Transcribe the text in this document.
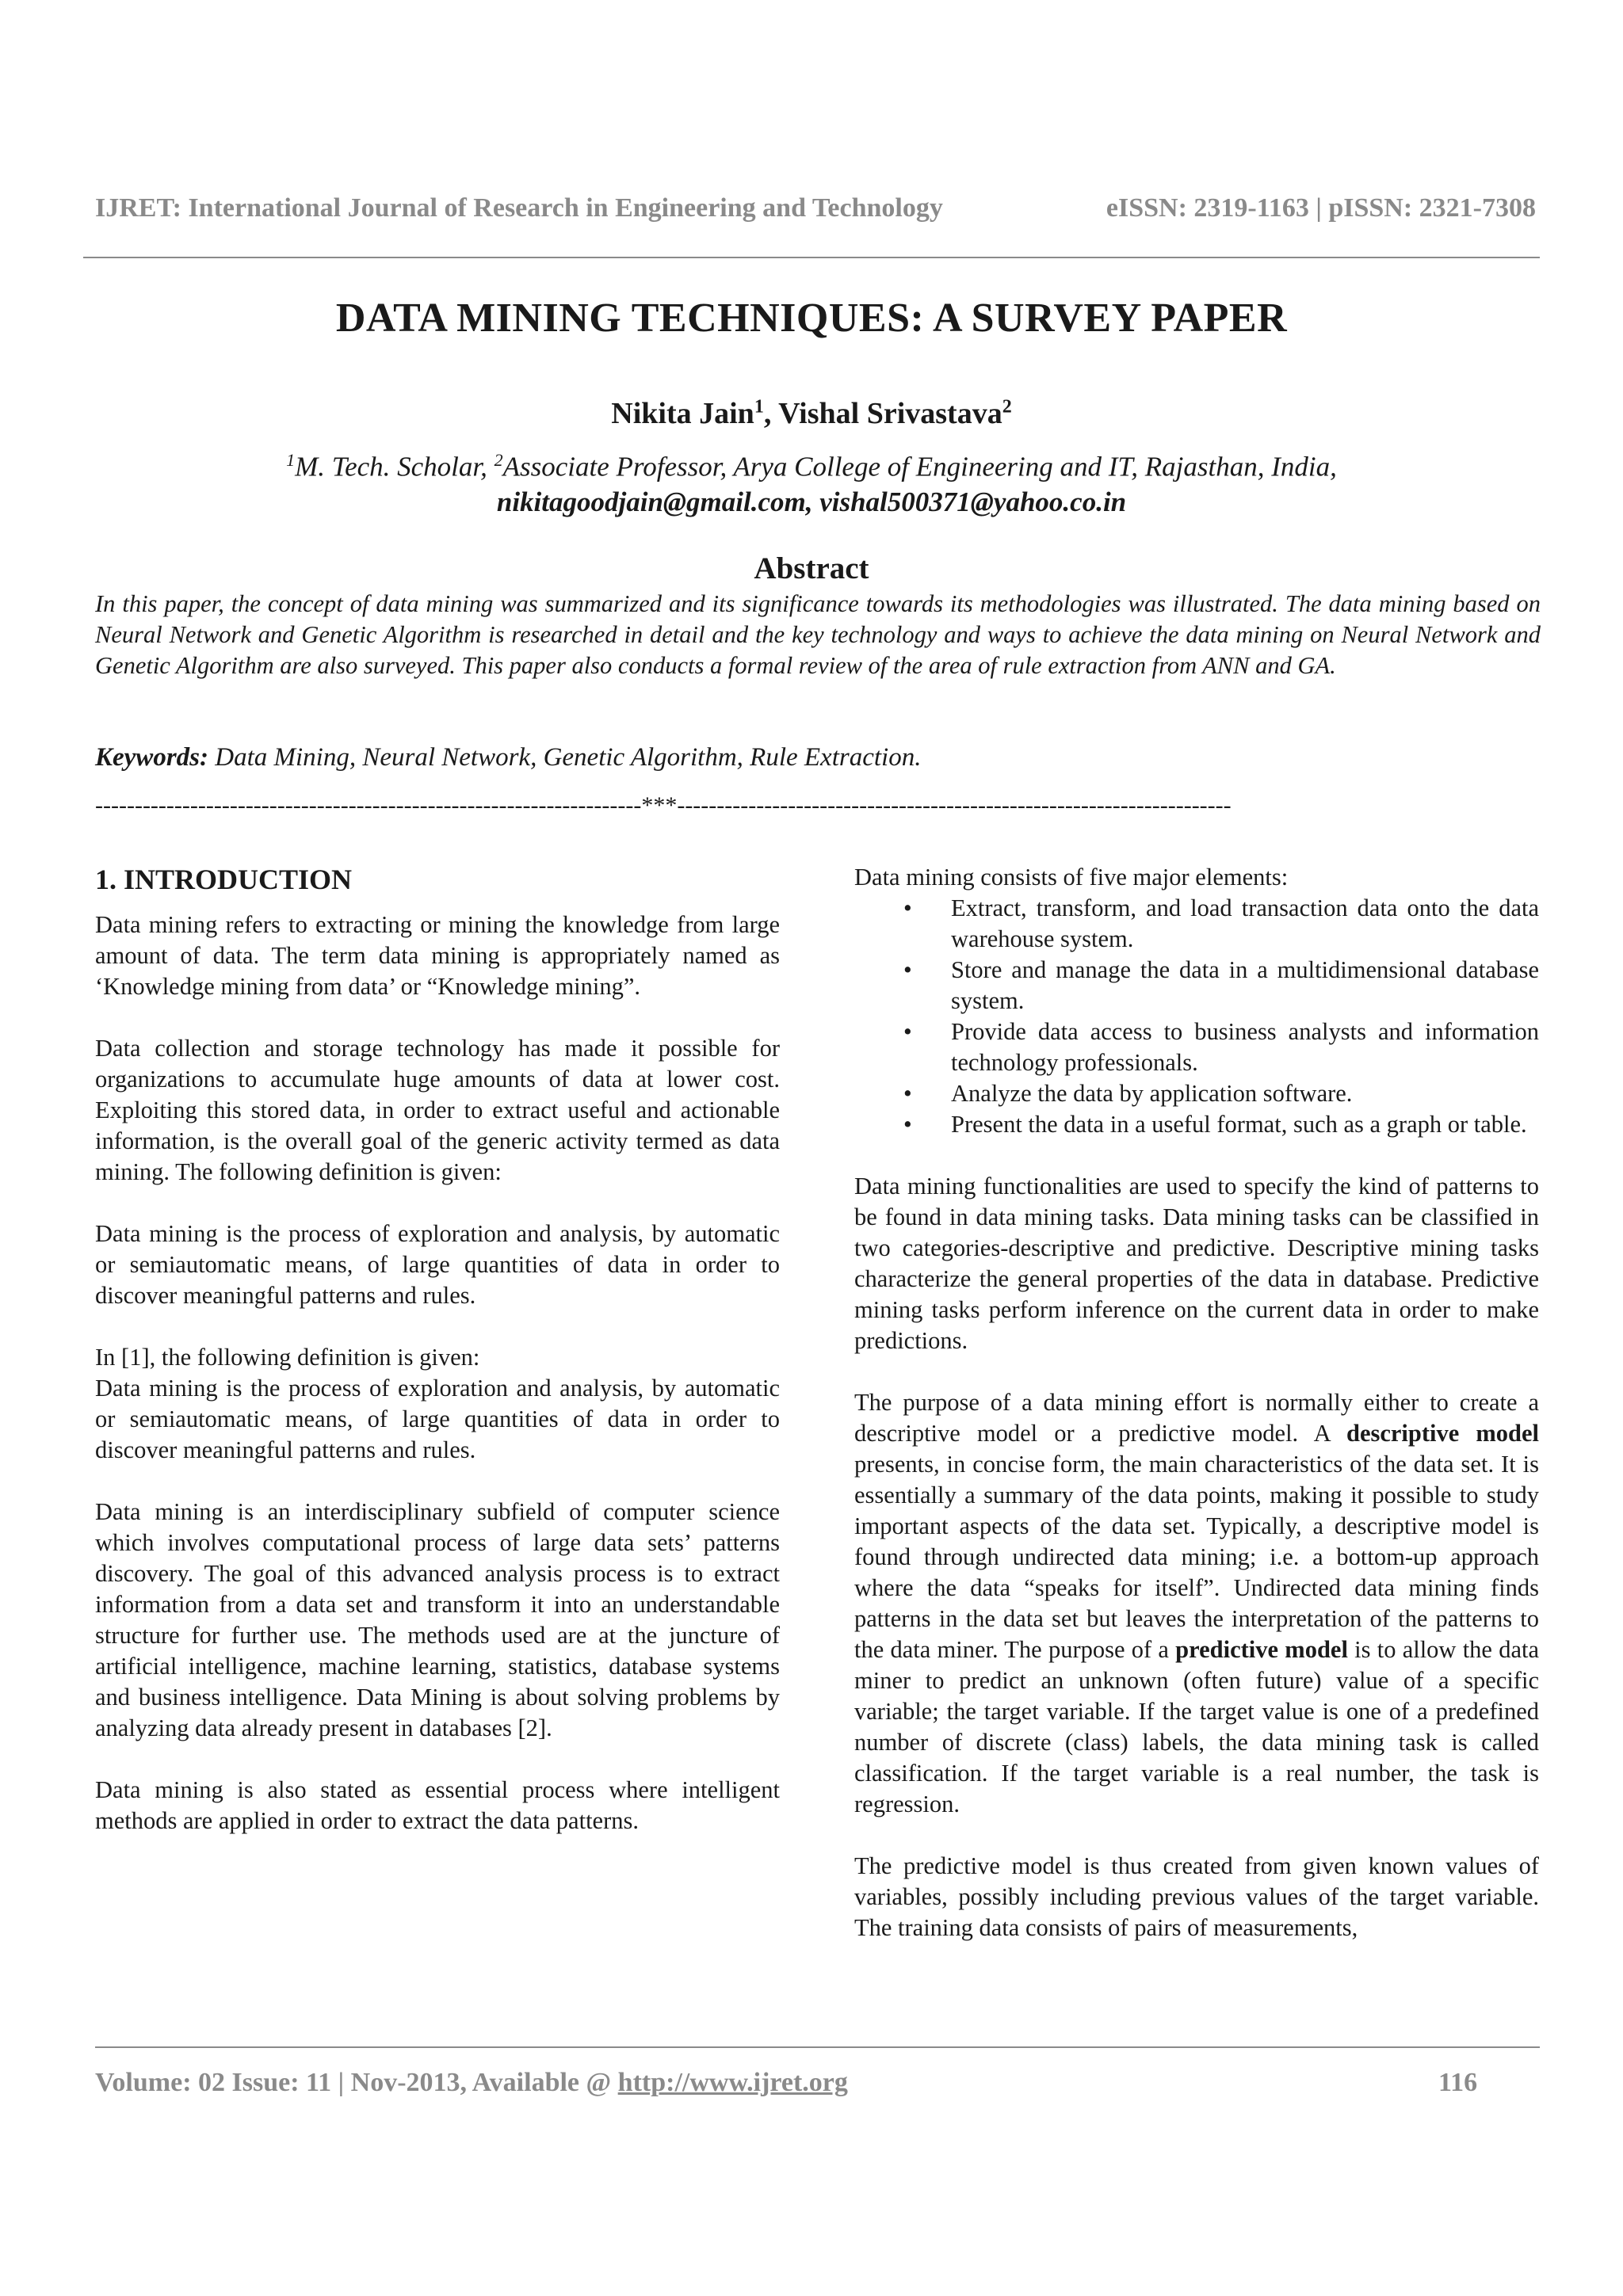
IJRET: International Journal of Research in Engineering and Technology	eISSN: 2319-1163 | pISSN: 2321-7308
DATA MINING TECHNIQUES: A SURVEY PAPER
Nikita Jain$^1$, Vishal Srivastava$^2$
$^1$M. Tech. Scholar, $^2$Associate Professor, Arya College of Engineering and IT, Rajasthan, India,
nikitagoodjain@gmail.com, vishal500371@yahoo.co.in
Abstract
In this paper, the concept of data mining was summarized and its significance towards its methodologies was illustrated. The data mining based on Neural Network and Genetic Algorithm is researched in detail and the key technology and ways to achieve the data mining on Neural Network and Genetic Algorithm are also surveyed. This paper also conducts a formal review of the area of rule extraction from ANN and GA.
Keywords: Data Mining, Neural Network, Genetic Algorithm, Rule Extraction.
---------------------------------------------------------------------***----------------------------------------------------------------------
1. INTRODUCTION

Data mining refers to extracting or mining the knowledge from large amount of data. The term data mining is appropriately named as ‘Knowledge mining from data’ or “Knowledge mining”.

Data collection and storage technology has made it possible for organizations to accumulate huge amounts of data at lower cost. Exploiting this stored data, in order to extract useful and actionable information, is the overall goal of the generic activity termed as data mining. The following definition is given:

Data mining is the process of exploration and analysis, by automatic or semiautomatic means, of large quantities of data in order to discover meaningful patterns and rules.

In [1], the following definition is given:

Data mining is the process of exploration and analysis, by automatic or semiautomatic means, of large quantities of data in order to discover meaningful patterns and rules.

Data mining is an interdisciplinary subfield of computer science which involves computational process of large data sets’ patterns discovery. The goal of this advanced analysis process is to extract information from a data set and transform it into an understandable structure for further use. The methods used are at the juncture of artificial intelligence, machine learning, statistics, database systems and business intelligence. Data Mining is about solving problems by analyzing data already present in databases [2].

Data mining is also stated as essential process where intelligent methods are applied in order to extract the data patterns.

Data mining consists of five major elements:

• Extract, transform, and load transaction data onto the data warehouse system.
• Store and manage the data in a multidimensional database system.
• Provide data access to business analysts and information technology professionals.
• Analyze the data by application software.
• Present the data in a useful format, such as a graph or table.

Data mining functionalities are used to specify the kind of patterns to be found in data mining tasks. Data mining tasks can be classified in two categories-descriptive and predictive. Descriptive mining tasks characterize the general properties of the data in database. Predictive mining tasks perform inference on the current data in order to make predictions.

The purpose of a data mining effort is normally either to create a descriptive model or a predictive model. A descriptive model presents, in concise form, the main characteristics of the data set. It is essentially a summary of the data points, making it possible to study important aspects of the data set. Typically, a descriptive model is found through undirected data mining; i.e. a bottom-up approach where the data “speaks for itself”. Undirected data mining finds patterns in the data set but leaves the interpretation of the patterns to the data miner. The purpose of a predictive model is to allow the data miner to predict an unknown (often future) value of a specific variable; the target variable. If the target value is one of a predefined number of discrete (class) labels, the data mining task is called classification. If the target variable is a real number, the task is regression.

The predictive model is thus created from given known values of variables, possibly including previous values of the target variable. The training data consists of pairs of measurements,

Volume: 02 Issue: 11 | Nov-2013, Available @ http://www.ijret.org	116
